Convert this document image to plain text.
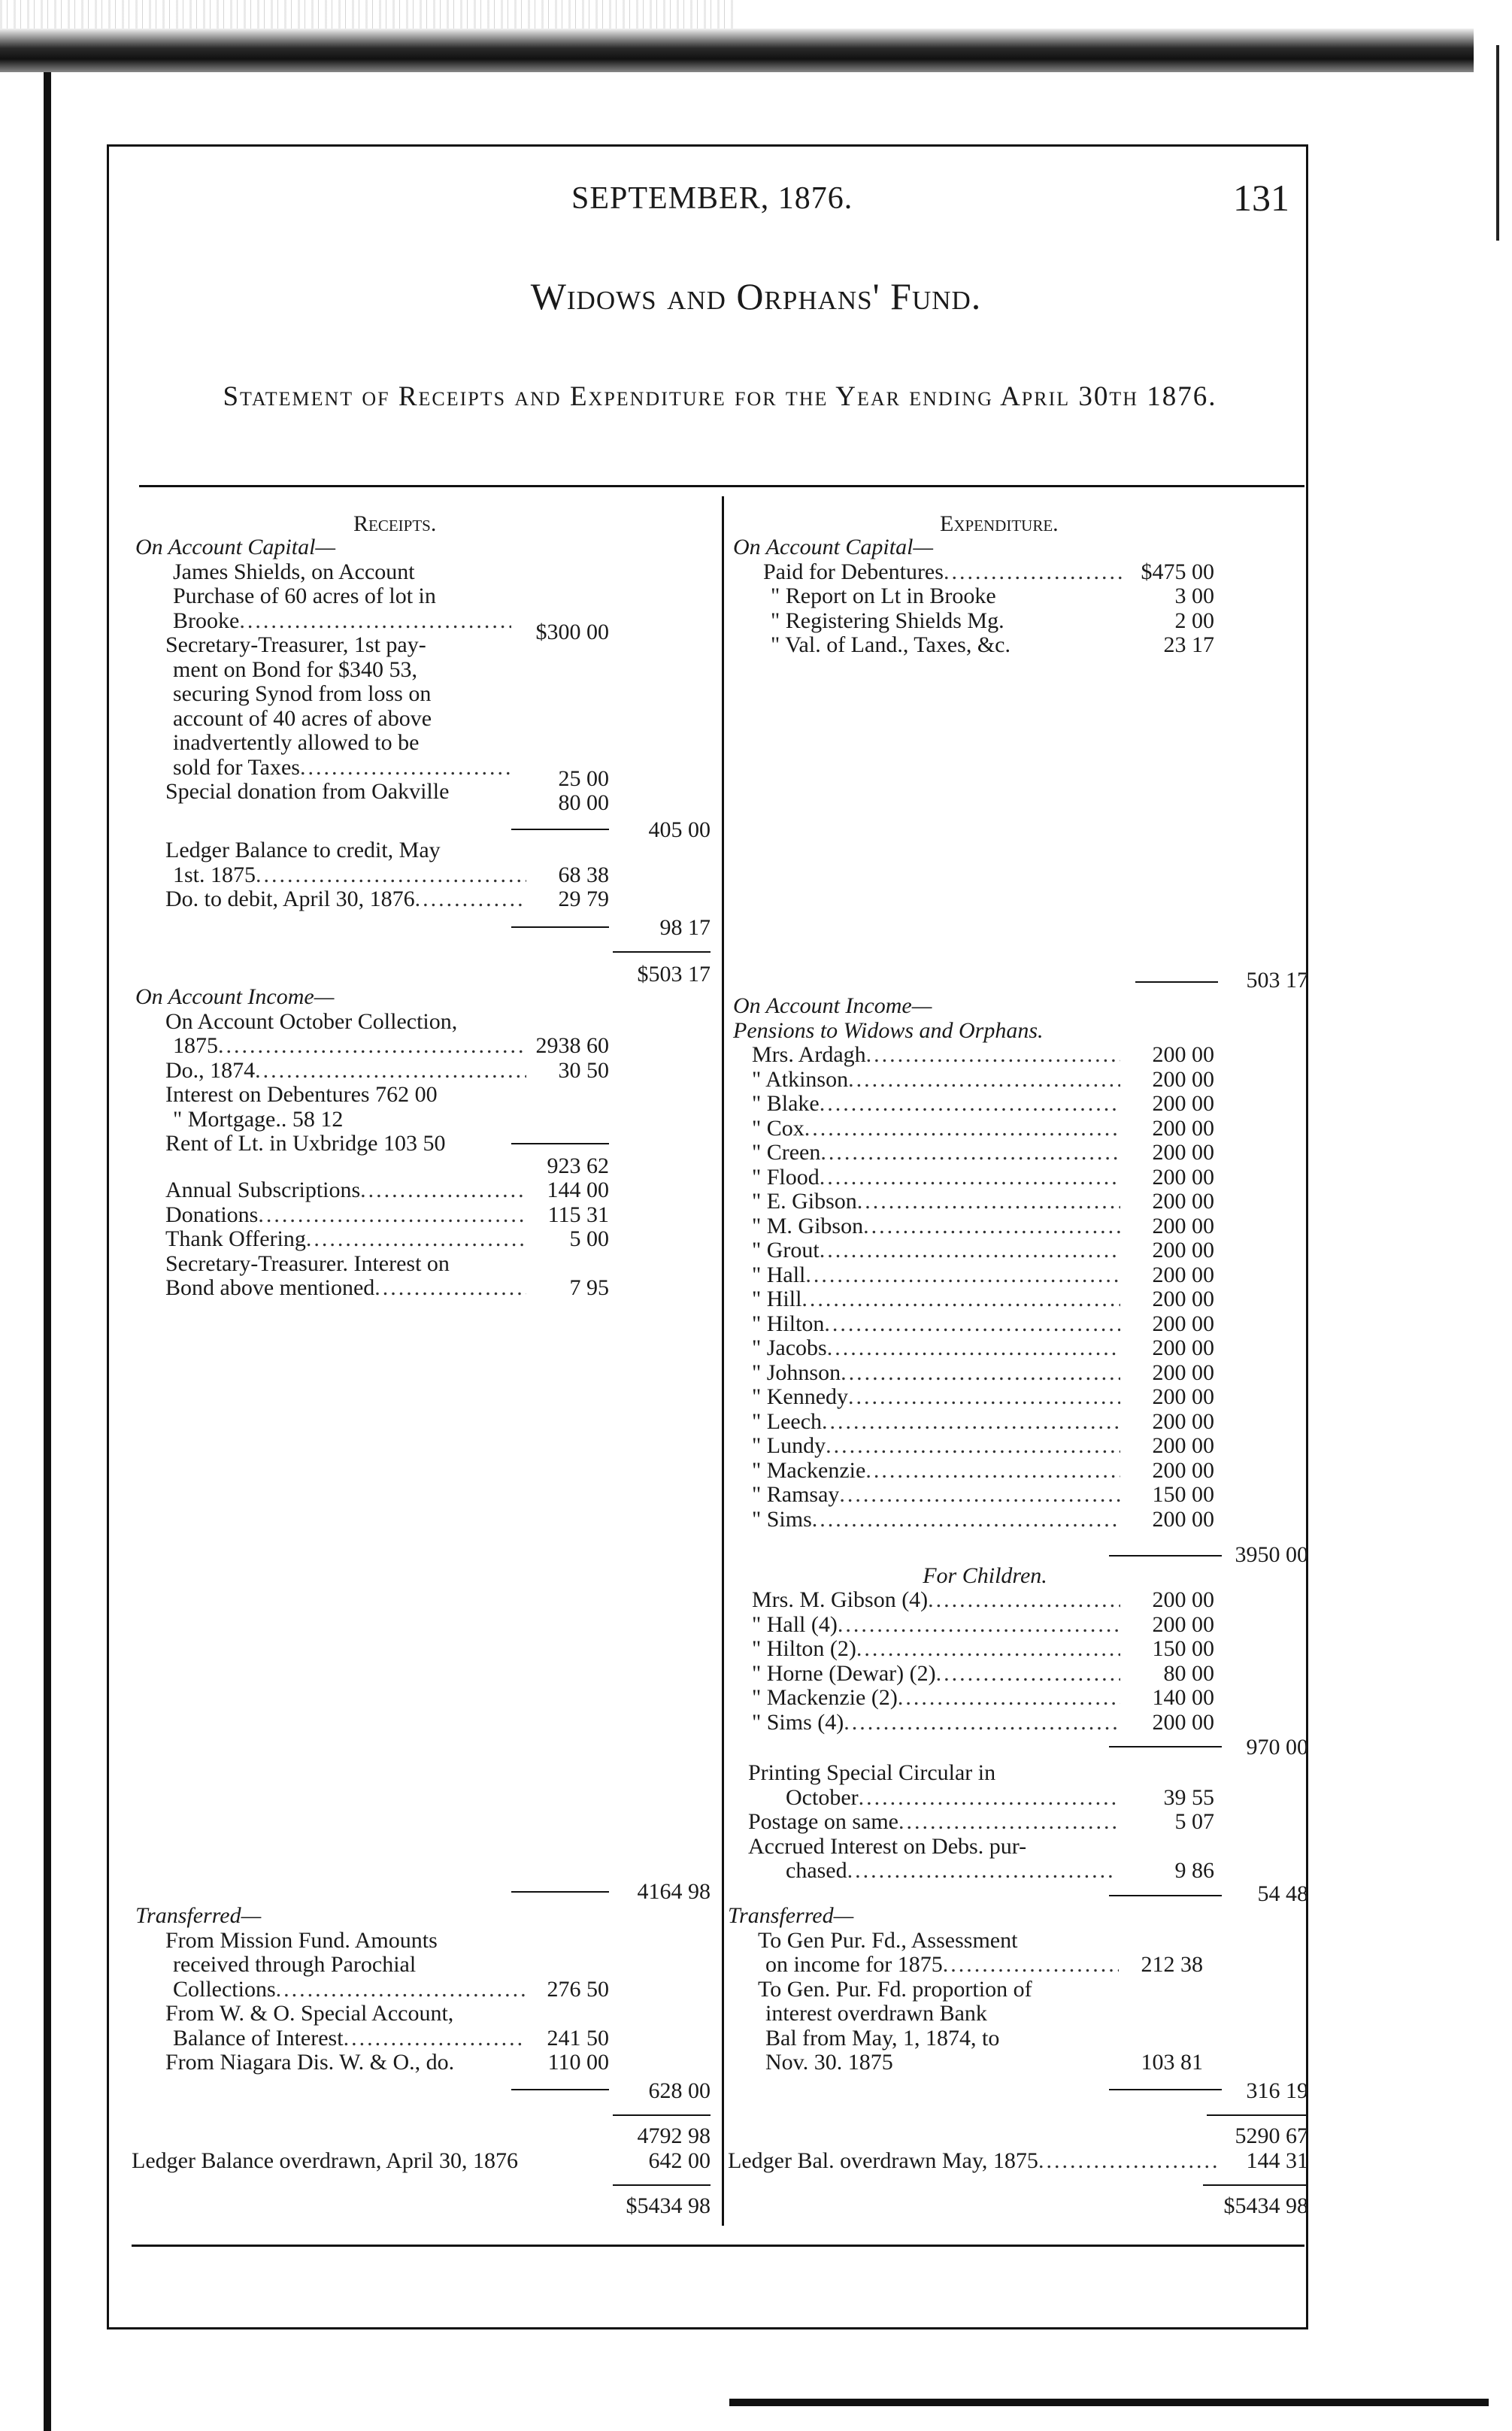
SEPTEMBER, 1876.	131
Widows and Orphans' Fund.
Statement of Receipts and Expenditure for the Year ending April 30th 1876.
Receipts.
On Account Capital—
James Shields, on Account
Purchase of 60 acres of lot in
Brooke
.....
Secretary-Treasurer, 1st pay-
ment on Bond for $340 53,
securing Synod from loss on
account of 40 acres of above
inadvertently allowed to be
sold for Taxes
.....
Special donation from Oakville
$300 00
25 00
80 00
405 00
Ledger Balance to credit, May
1st. 1875
.....
Do. to debit, April 30, 1876
.....
68 38
29 79
98 17
$503 17
On Account Income—
On Account October Collection,
1875
.....
Do., 1874
.....
Interest on Debentures 762 00
" Mortgage.. 58 12
Rent of Lt. in Uxbridge 103 50
2938 60
30 50
923 62
Annual Subscriptions
.....
Donations
.....
Thank Offering
.....
Secretary-Treasurer. Interest on
Bond above mentioned
.....
144 00
115 31
5 00
7 95
4164 98
Transferred—
From Mission Fund. Amounts
received through Parochial
Collections
.....
From W. & O. Special Account,
Balance of Interest
.....
From Niagara Dis. W. & O., do.
276 50
241 50
110 00
628 00
4792 98
Ledger Balance overdrawn, April 30, 1876	642 00
$5434 98
Expenditure.
On Account Capital—
Paid for Debentures
.....
" Report on Lt in Brooke
" Registering Shields Mg.
" Val. of Land., Taxes, &c.
$475 00
3 00
2 00
23 17
503 17
On Account Income—
Pensions to Widows and Orphans.
Mrs. Ardagh
.....
" Atkinson
.....
" Blake
.....
" Cox
.....
" Creen
.....
" Flood
.....
" E. Gibson
.....
" M. Gibson
.....
" Grout
.....
" Hall
.....
" Hill
.....
" Hilton
.....
" Jacobs
.....
" Johnson
.....
" Kennedy
.....
" Leech
.....
" Lundy
.....
" Mackenzie
.....
" Ramsay
.....
" Sims
.....
200 00
200 00
200 00
200 00
200 00
200 00
200 00
200 00
200 00
200 00
200 00
200 00
200 00
200 00
200 00
200 00
200 00
200 00
150 00
200 00
3950 00
For Children.
Mrs. M. Gibson (4)
.....
" Hall (4)
.....
" Hilton (2)
.....
" Horne (Dewar) (2)
.....
" Mackenzie (2)
.....
" Sims (4)
.....
200 00
200 00
150 00
80 00
140 00
200 00
970 00
Printing Special Circular in
October
.....
Postage on same
.....
Accrued Interest on Debs. pur-
chased
.....
39 55
5 07
9 86
54 48
Transferred—
To Gen Pur. Fd., Assessment
on income for 1875
.....
To Gen. Pur. Fd. proportion of
interest overdrawn Bank
Bal from May, 1, 1874, to
Nov. 30. 1875
212 38
103 81
316 19
5290 67
Ledger Bal. overdrawn May, 1875
.....	144 31
$5434 98
